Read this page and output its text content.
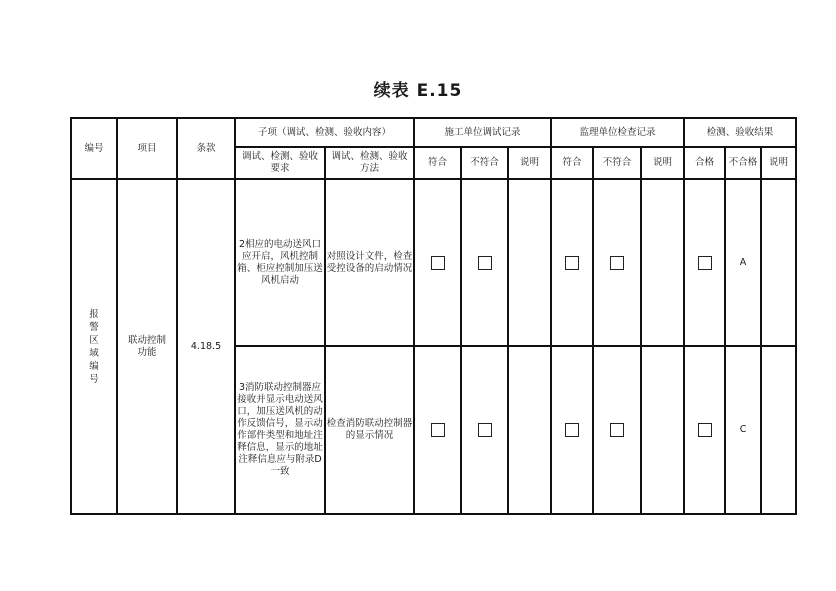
续表 E.15
编号	项目	条款	子项（调试、检测、验收内容）		施工单位调试记录			监理单位检查记录			检测、验收结果		
			调试、检测、验收要求	调试、检测、验收方法	符合	不符合	说明	符合	不符合	说明	合格	不合格	说明
报警区域编号	联动控制功能	4.18.5	2相应的电动送风口应开启，风机控制箱、柜应控制加压送风机启动	对照设计文件，检查受控设备的启动情况								A	
			3消防联动控制器应接收并显示电动送风口，加压送风机的动作反馈信号，显示动作部件类型和地址注释信息，显示的地址注释信息应与附录D一致	检查消防联动控制器的显示情况								C	
